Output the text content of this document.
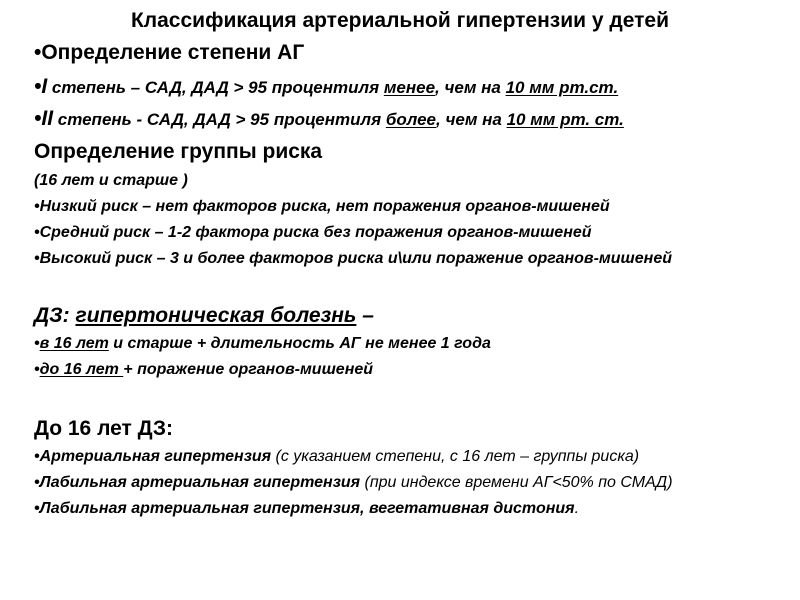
Классификация артериальной гипертензии у детей
•Определение степени АГ
•I степень – САД, ДАД > 95 процентиля менее, чем на 10 мм рт.ст.
•II степень - САД, ДАД > 95 процентиля более, чем на 10 мм рт. ст.
Определение группы риска
(16 лет и старше )
•Низкий риск – нет факторов риска, нет поражения органов-мишеней
•Средний риск – 1-2 фактора риска без поражения органов-мишеней
•Высокий риск – 3 и более факторов риска и\или поражение органов-мишеней
ДЗ: гипертоническая болезнь –
•в 16 лет и старше + длительность АГ не менее 1 года
•до 16 лет + поражение органов-мишеней
До 16 лет ДЗ:
•Артериальная гипертензия (с указанием степени, с 16 лет – группы риска)
•Лабильная артериальная гипертензия (при индексе времени АГ<50% по СМАД)
•Лабильная артериальная гипертензия, вегетативная дистония.
